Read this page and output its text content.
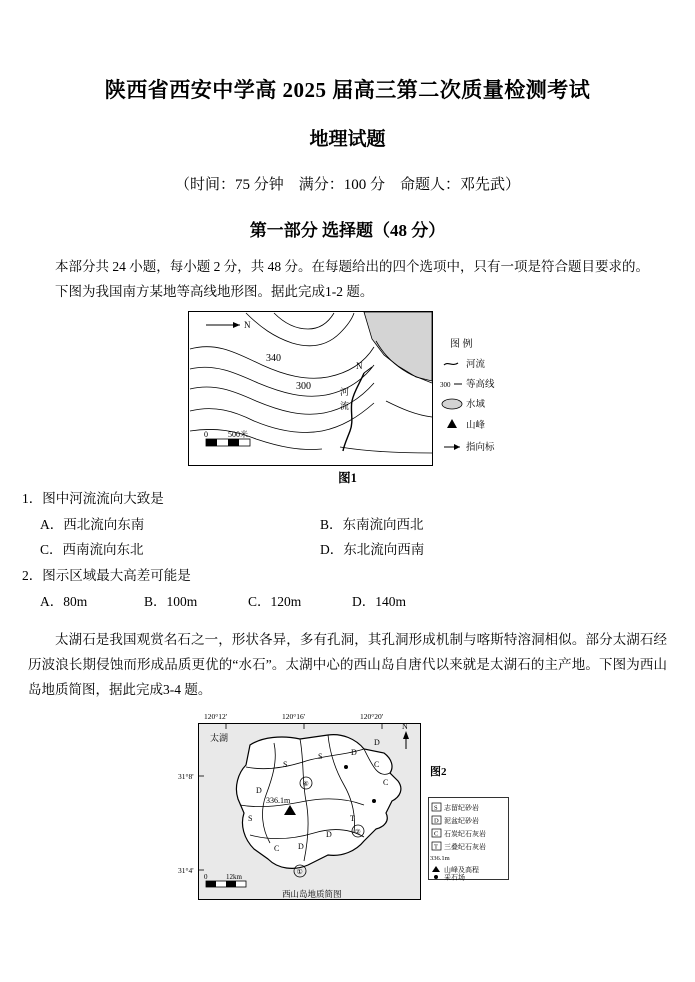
陕西省西安中学高 2025 届高三第二次质量检测考试
地理试题

（时间：75 分钟　满分：100 分　命题人：邓先武）

第一部分 选择题（48 分）

本部分共 24 小题，每小题 2 分，共 48 分。在每题给出的四个选项中，只有一项是符合题目要求的。

下图为我国南方某地等高线地形图。据此完成1-2 题。

340
300
N
河
流
N
0	500米
图 例
河流
300 等高线
水域
山峰
指向标
图1

1．图中河流流向大致是

A．西北流向东南	B．东南流向西北
C．西南流向东北	D．东北流向西南

2．图示区域最大高差可能是

A．80m	B．100m	C．120m	D．140m

太湖石是我国观赏名石之一，形状各异，多有孔洞，其孔洞形成机制与喀斯特溶洞相似。部分太湖石经历波浪长期侵蚀而形成品质更优的“水石”。太湖中心的西山岛自唐代以来就是太湖石的主产地。下图为西山岛地质简图，据此完成3-4 题。

120°12'	120°16'	120°20'
31°8'
31°4'
太湖
S
S	D
D
C
C
D
S
C D
D
T
336.1m
④
②
①
N
0	12km
西山岛地质简图
S 志留纪砂岩
D 泥盆纪砂岩
C 石炭纪石灰岩
T 三叠纪石灰岩
336.1m
山峰及高程
采石场
图2
